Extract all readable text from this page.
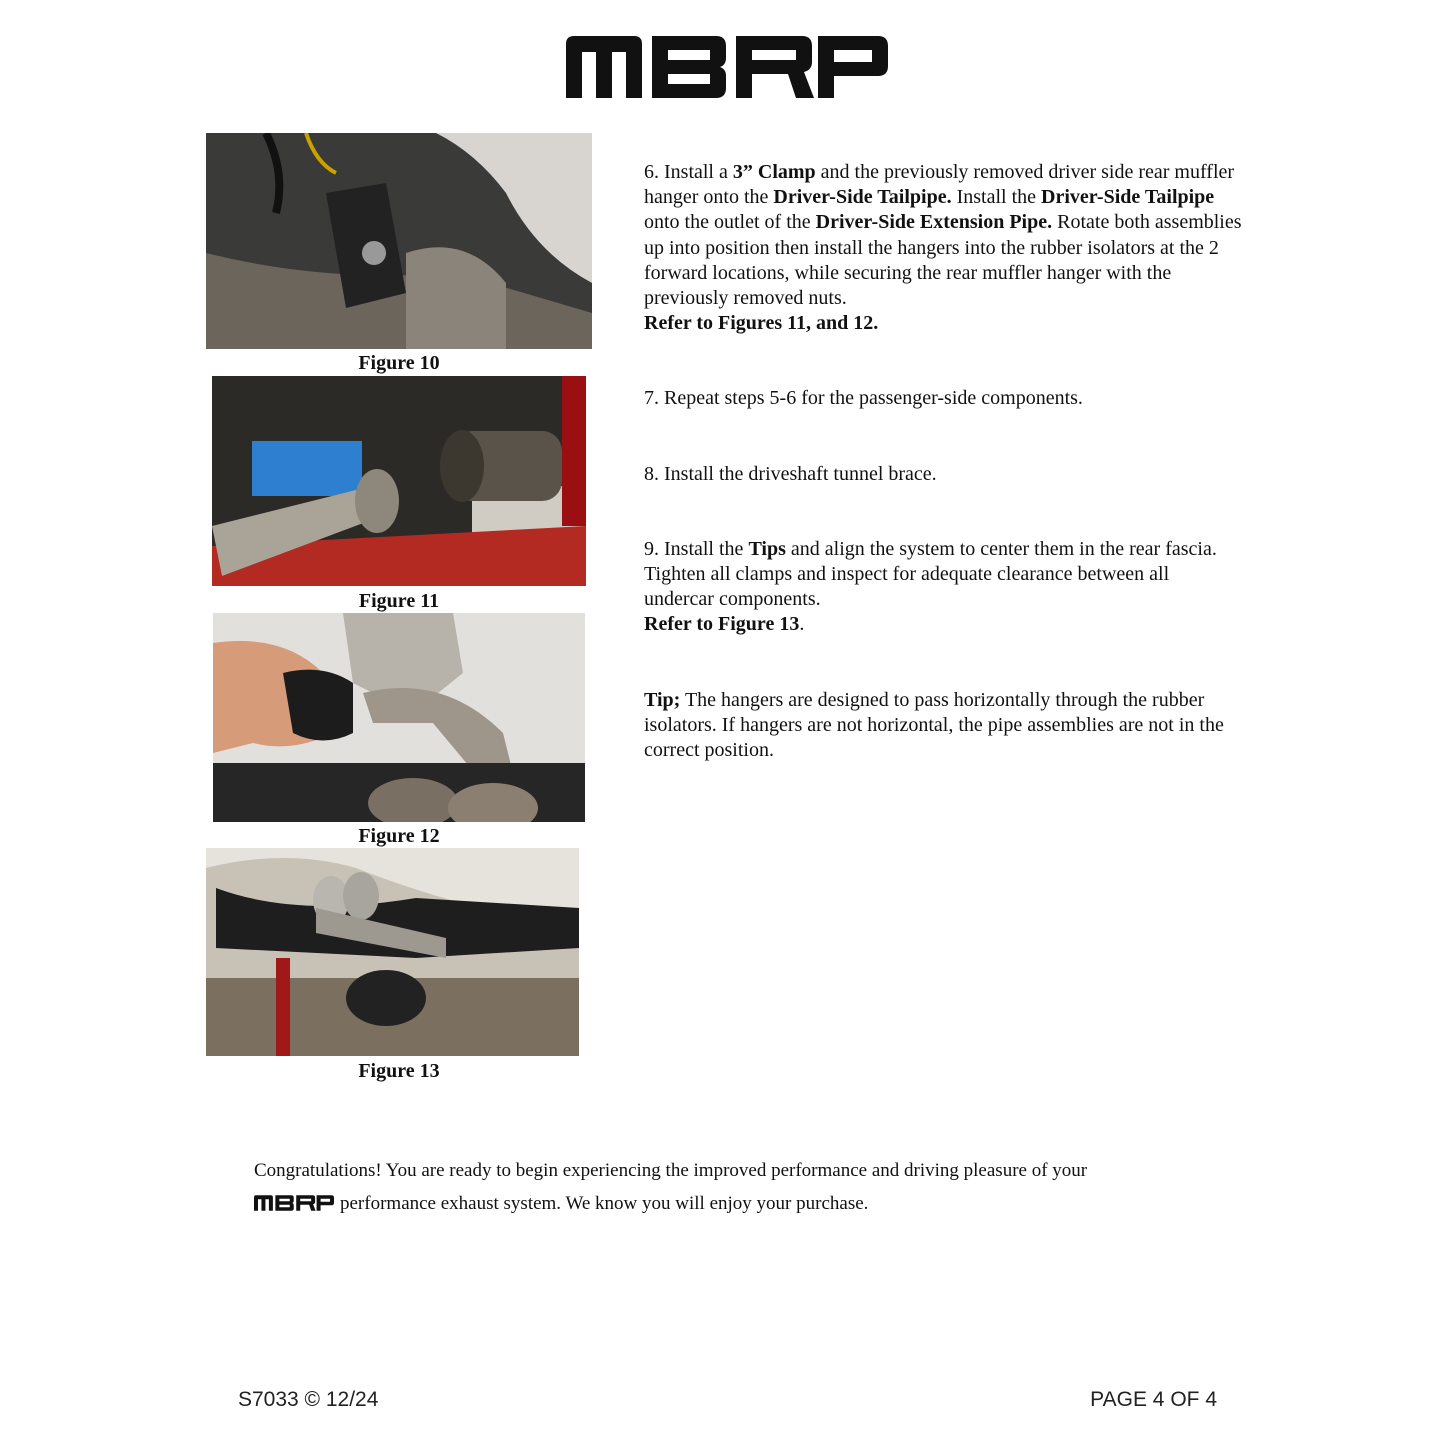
Figure 10
Figure 11
Figure 12
Figure 13

6. Install a 3” Clamp and the previously removed driver side rear muffler hanger onto the Driver-Side Tailpipe. Install the Driver-Side Tailpipe onto the outlet of the Driver-Side Extension Pipe. Rotate both assemblies up into position then install the hangers into the rubber isolators at the 2 forward locations, while securing the rear muffler hanger with the previously removed nuts.
Refer to Figures 11, and 12.

7. Repeat steps 5-6 for the passenger-side components.

8. Install the driveshaft tunnel brace.

9. Install the Tips and align the system to center them in the rear fascia. Tighten all clamps and inspect for adequate clearance between all undercar components.
Refer to Figure 13.

Tip; The hangers are designed to pass horizontally through the rubber isolators. If hangers are not horizontal, the pipe assemblies are not in the correct position.

Congratulations! You are ready to begin experiencing the improved performance and driving pleasure of your
performance exhaust system. We know you will enjoy your purchase.
S7033 © 12/24	PAGE 4 OF 4
